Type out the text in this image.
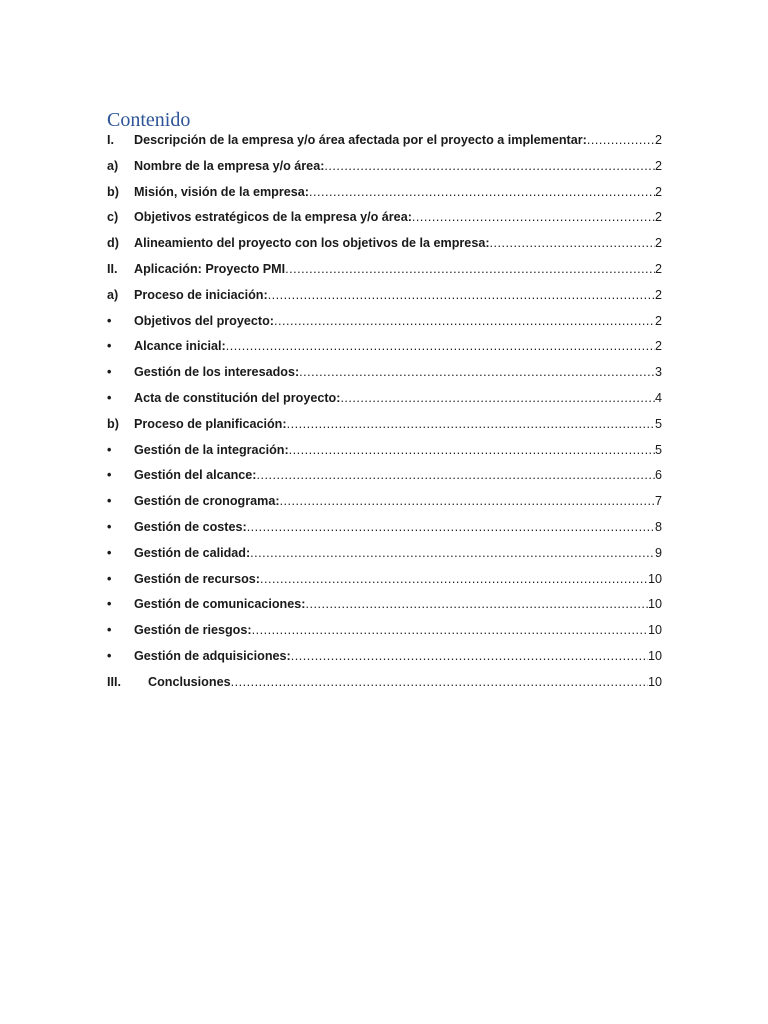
Contenido
I.	Descripción de la empresa y/o área afectada por el proyecto a implementar: .....	2
a)	Nombre de la empresa y/o área: .....	2
b)	Misión, visión de la empresa: .....	2
c)	Objetivos estratégicos de la empresa y/o área: .....	2
d)	Alineamiento del proyecto con los objetivos de la empresa: .....	2
II.	Aplicación: Proyecto PMI .....	2
a)	Proceso de iniciación: .....	2
•	Objetivos del proyecto: .....	2
•	Alcance inicial: .....	2
•	Gestión de los interesados: .....	3
•	Acta de constitución del proyecto: .....	4
b)	Proceso de planificación: .....	5
•	Gestión de la integración: .....	5
•	Gestión del alcance: .....	6
•	Gestión de cronograma: .....	7
•	Gestión de costes: .....	8
•	Gestión de calidad: .....	9
•	Gestión de recursos: .....	10
•	Gestión de comunicaciones: .....	10
•	Gestión de riesgos: .....	10
•	Gestión de adquisiciones: .....	10
III.	Conclusiones .....	10
